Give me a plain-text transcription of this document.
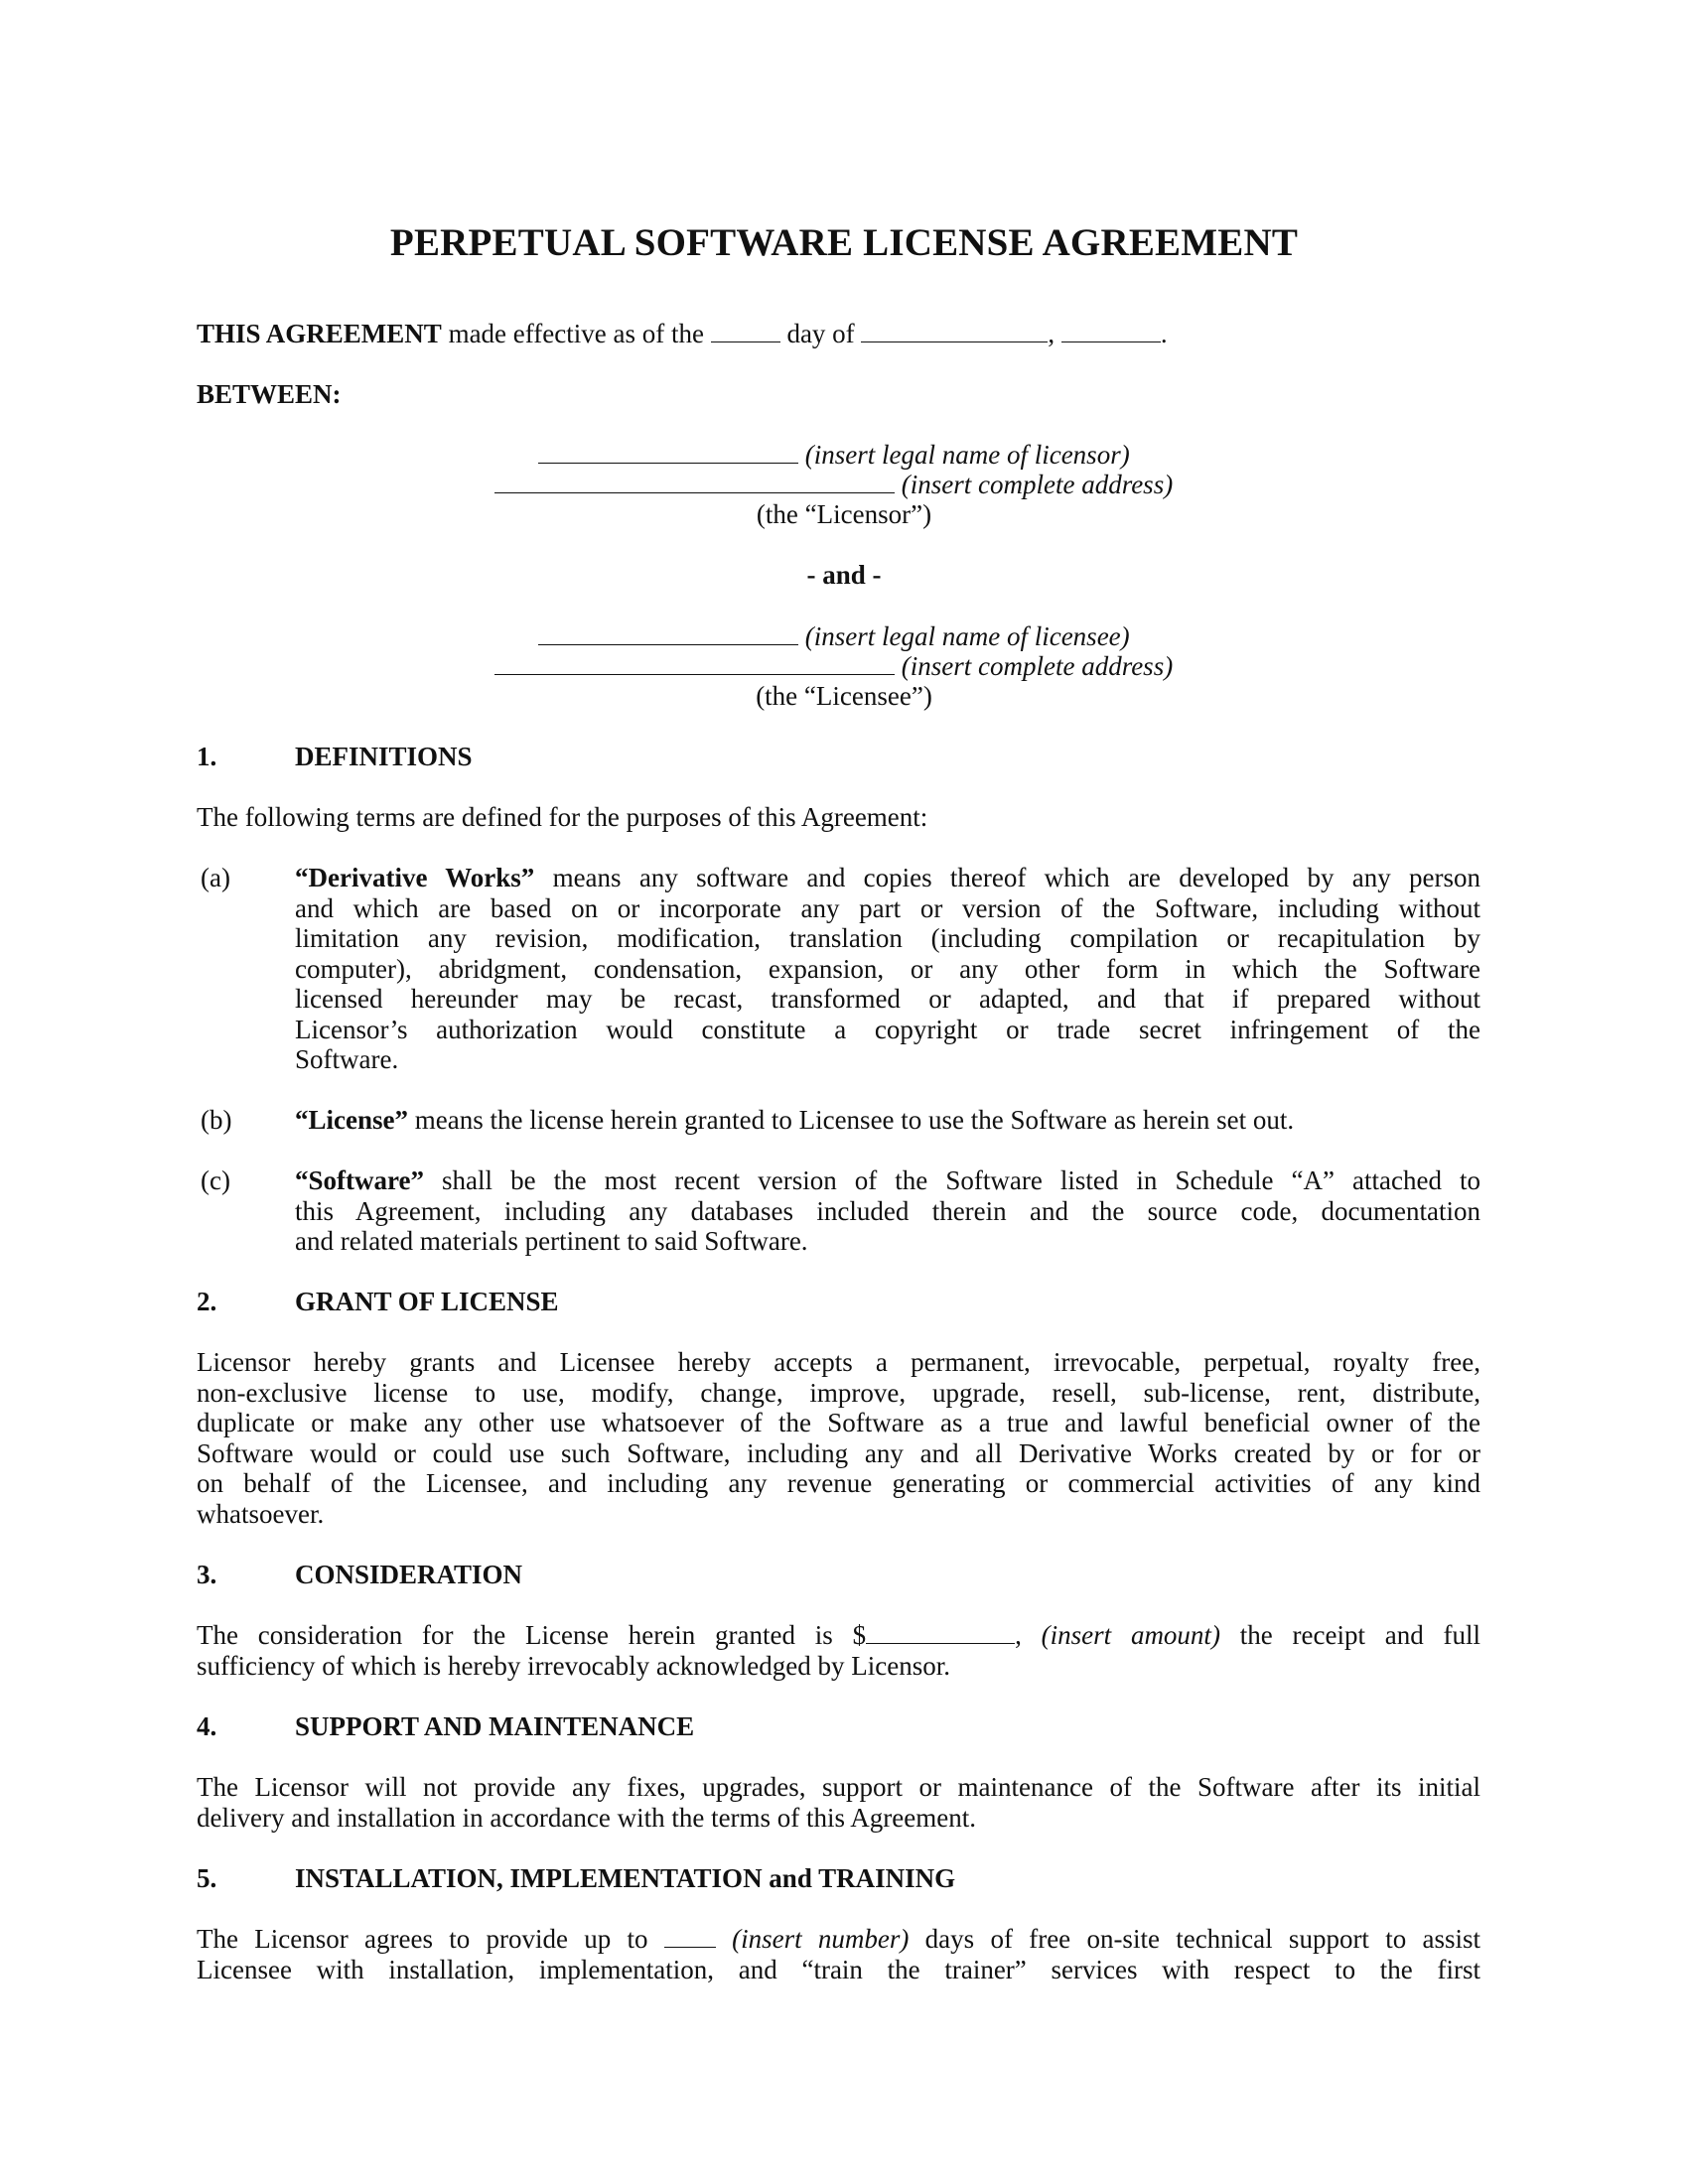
PERPETUAL SOFTWARE LICENSE AGREEMENT
THIS AGREEMENT made effective as of the	day of	,	.
BETWEEN:
(insert legal name of licensor)
(insert complete address)
(the “Licensor”)
- and -
(insert legal name of licensee)
(insert complete address)
(the “Licensee”)
1.	DEFINITIONS
The following terms are defined for the purposes of this Agreement:
(a) “Derivative Works” means any software and copies thereof which are developed by any person
and which are based on or incorporate any part or version of the Software, including without
limitation any revision, modification, translation (including compilation or recapitulation by
computer), abridgment, condensation, expansion, or any other form in which the Software
licensed hereunder may be recast, transformed or adapted, and that if prepared without
Licensor’s authorization would constitute a copyright or trade secret infringement of the
Software.
(b) “License” means the license herein granted to Licensee to use the Software as herein set out.
(c) “Software” shall be the most recent version of the Software listed in Schedule “A” attached to
this Agreement, including any databases included therein and the source code, documentation
and related materials pertinent to said Software.
2.	GRANT OF LICENSE
Licensor hereby grants and Licensee hereby accepts a permanent, irrevocable, perpetual, royalty free,
non-exclusive license to use, modify, change, improve, upgrade, resell, sub-license, rent, distribute,
duplicate or make any other use whatsoever of the Software as a true and lawful beneficial owner of the
Software would or could use such Software, including any and all Derivative Works created by or for or
on behalf of the Licensee, and including any revenue generating or commercial activities of any kind
whatsoever.
3.	CONSIDERATION
The consideration for the License herein granted is $	, (insert amount) the receipt and full
sufficiency of which is hereby irrevocably acknowledged by Licensor.
4.	SUPPORT AND MAINTENANCE
The Licensor will not provide any fixes, upgrades, support or maintenance of the Software after its initial
delivery and installation in accordance with the terms of this Agreement.
5.	INSTALLATION, IMPLEMENTATION and TRAINING
The Licensor agrees to provide up to	(insert number) days of free on-site technical support to assist
Licensee with installation, implementation, and “train the trainer” services with respect to the first
